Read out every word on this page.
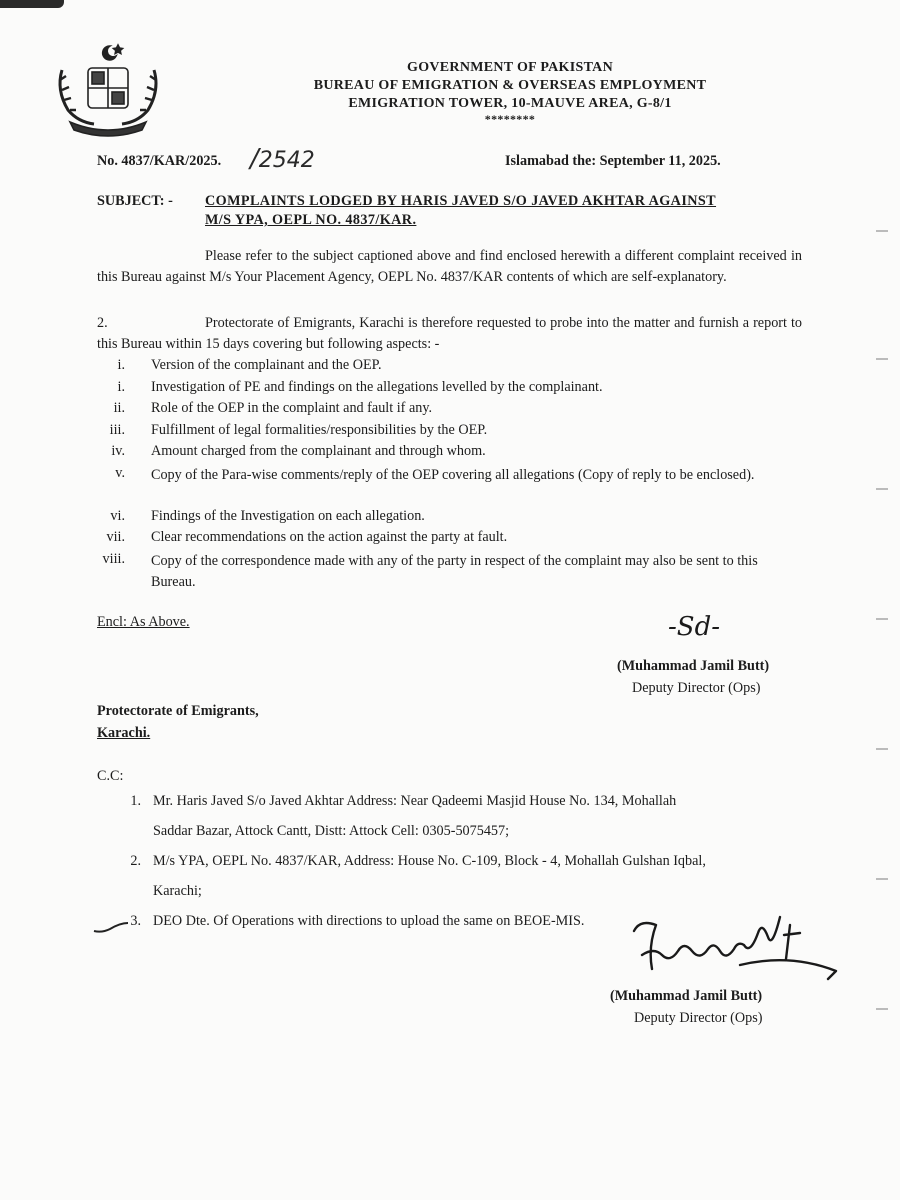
GOVERNMENT OF PAKISTAN
BUREAU OF EMIGRATION & OVERSEAS EMPLOYMENT
EMIGRATION TOWER, 10-MAUVE AREA, G-8/1
********
No. 4837/KAR/2025. /2542	Islamabad the: September 11, 2025.
SUBJECT: - COMPLAINTS LODGED BY HARIS JAVED S/O JAVED AKHTAR AGAINST
M/S YPA, OEPL NO. 4837/KAR.
Please refer to the subject captioned above and find enclosed herewith a different complaint received in this Bureau against M/s Your Placement Agency, OEPL No. 4837/KAR contents of which are self-explanatory.
2.	Protectorate of Emigrants, Karachi is therefore requested to probe into the matter and furnish a report to this Bureau within 15 days covering but following aspects: -
i. Version of the complainant and the OEP.
i. Investigation of PE and findings on the allegations levelled by the complainant.
ii. Role of the OEP in the complaint and fault if any.
iii. Fulfillment of legal formalities/responsibilities by the OEP.
iv. Amount charged from the complainant and through whom.
v. Copy of the Para-wise comments/reply of the OEP covering all allegations (Copy of reply to be enclosed).
vi. Findings of the Investigation on each allegation.
vii. Clear recommendations on the action against the party at fault.
viii. Copy of the correspondence made with any of the party in respect of the complaint may also be sent to this Bureau.
Encl: As Above.	-Sd-
(Muhammad Jamil Butt)
Deputy Director (Ops)
Protectorate of Emigrants,
Karachi.
C.C:
1. Mr. Haris Javed S/o Javed Akhtar Address: Near Qadeemi Masjid House No. 134, Mohallah
Saddar Bazar, Attock Cantt, Distt: Attock Cell: 0305-5075457;
2. M/s YPA, OEPL No. 4837/KAR, Address: House No. C-109, Block - 4, Mohallah Gulshan Iqbal,
Karachi;
3. DEO Dte. Of Operations with directions to upload the same on BEOE-MIS.
(Muhammad Jamil Butt)
Deputy Director (Ops)
